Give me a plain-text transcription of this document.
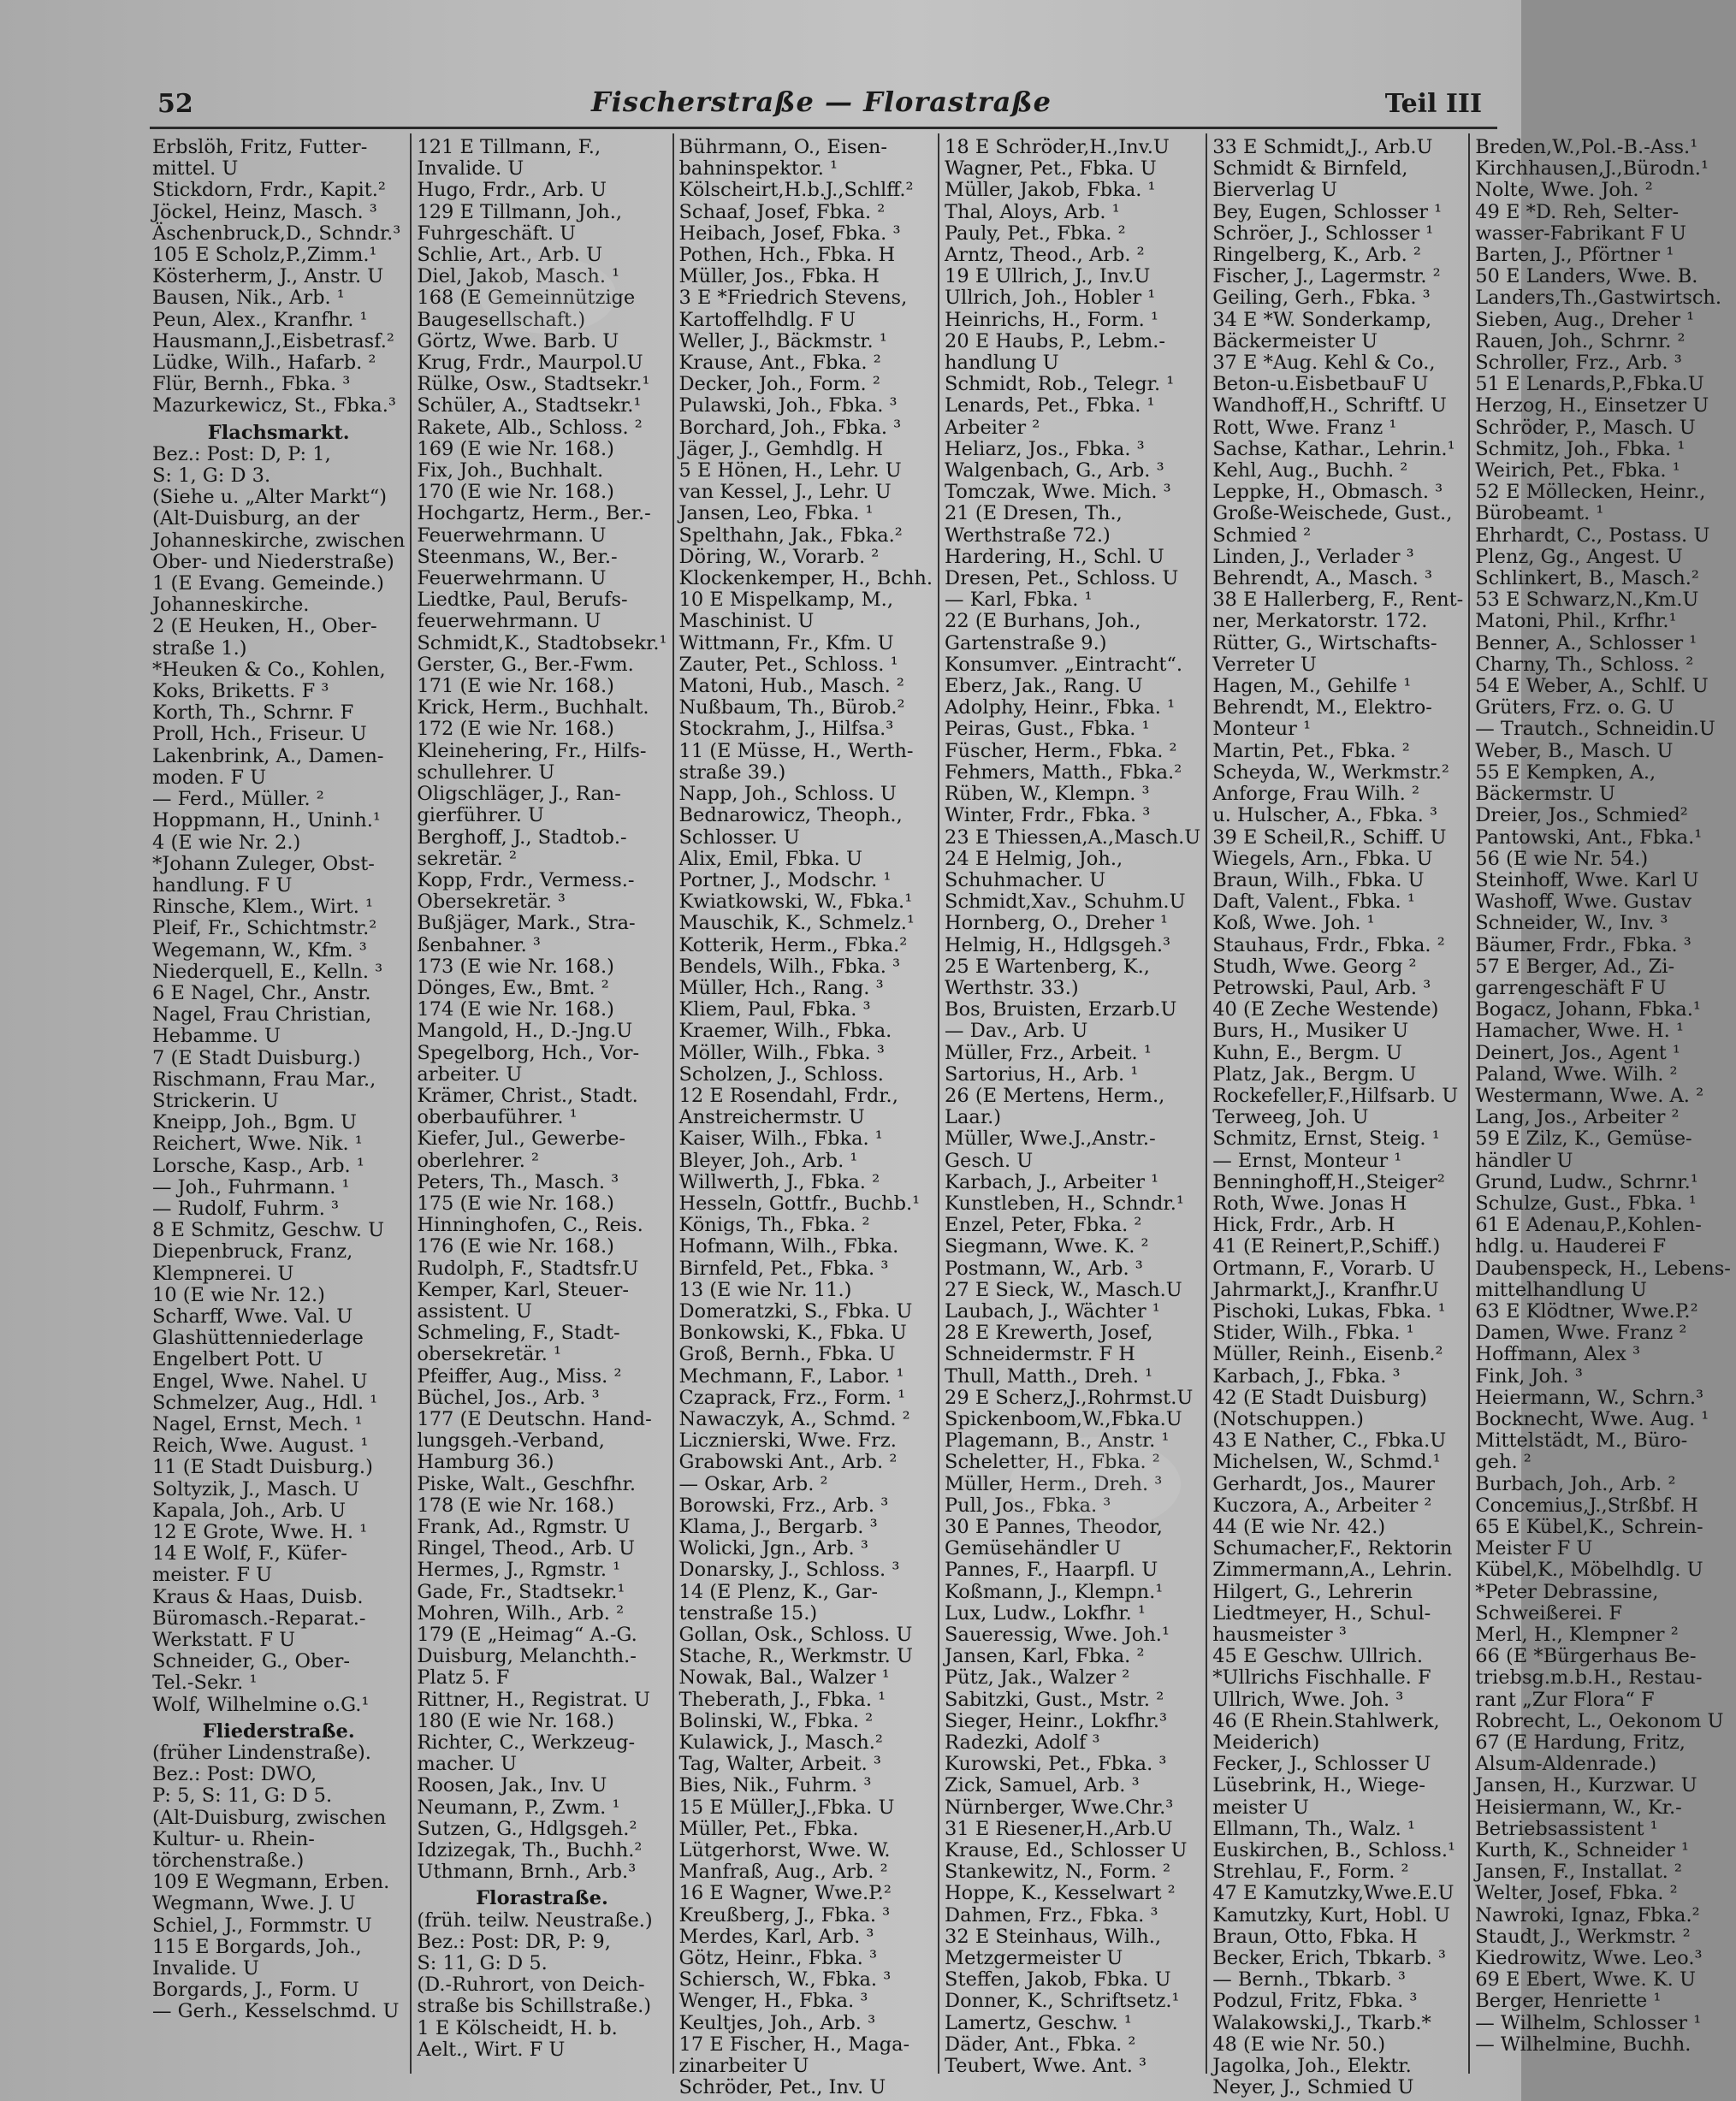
52	Fischerstraße — Florastraße	Teil III
Erbslöh, Fritz, Futter-
mittel. U
Stickdorn, Frdr., Kapit.²
Jöckel, Heinz, Masch. ³
Äschenbruck,D., Schndr.³
105 E Scholz,P.,Zimm.¹
Kösterherm, J., Anstr. U
Bausen, Nik., Arb. ¹
Peun, Alex., Kranfhr. ¹
Hausmann,J.,Eisbetrasf.²
Lüdke, Wilh., Hafarb. ²
Flür, Bernh., Fbka. ³
Mazurkewicz, St., Fbka.³
Flachsmarkt.
Bez.: Post: D, P: 1,
S: 1, G: D 3.
(Siehe u. „Alter Markt“)
(Alt-Duisburg, an der
Johanneskirche, zwischen
Ober- und Niederstraße)
1 (E Evang. Gemeinde.)
Johanneskirche.
2 (E Heuken, H., Ober-
straße 1.)
*Heuken & Co., Kohlen,
Koks, Briketts. F ³
Korth, Th., Schrnr. F
Proll, Hch., Friseur. U
Lakenbrink, A., Damen-
moden. F U
— Ferd., Müller. ²
Hoppmann, H., Uninh.¹
4 (E wie Nr. 2.)
*Johann Zuleger, Obst-
handlung. F U
Rinsche, Klem., Wirt. ¹
Pleif, Fr., Schichtmstr.²
Wegemann, W., Kfm. ³
Niederquell, E., Kelln. ³
6 E Nagel, Chr., Anstr.
Nagel, Frau Christian,
Hebamme. U
7 (E Stadt Duisburg.)
Rischmann, Frau Mar.,
Strickerin. U
Kneipp, Joh., Bgm. U
Reichert, Wwe. Nik. ¹
Lorsche, Kasp., Arb. ¹
— Joh., Fuhrmann. ¹
— Rudolf, Fuhrm. ³
8 E Schmitz, Geschw. U
Diepenbruck, Franz,
Klempnerei. U
10 (E wie Nr. 12.)
Scharff, Wwe. Val. U
Glashüttenniederlage
Engelbert Pott. U
Engel, Wwe. Nahel. U
Schmelzer, Aug., Hdl. ¹
Nagel, Ernst, Mech. ¹
Reich, Wwe. August. ¹
11 (E Stadt Duisburg.)
Soltyzik, J., Masch. U
Kapala, Joh., Arb. U
12 E Grote, Wwe. H. ¹
14 E Wolf, F., Küfer-
meister. F U
Kraus & Haas, Duisb.
Büromasch.-Reparat.-
Werkstatt. F U
Schneider, G., Ober-
Tel.-Sekr. ¹
Wolf, Wilhelmine o.G.¹
Fliederstraße.
(früher Lindenstraße).
Bez.: Post: DWO,
P: 5, S: 11, G: D 5.
(Alt-Duisburg, zwischen
Kultur- u. Rhein-
törchenstraße.)
109 E Wegmann, Erben.
Wegmann, Wwe. J. U
Schiel, J., Formmstr. U
115 E Borgards, Joh.,
Invalide. U
Borgards, J., Form. U
— Gerh., Kesselschmd. U
121 E Tillmann, F.,
Invalide. U
Hugo, Frdr., Arb. U
129 E Tillmann, Joh.,
Fuhrgeschäft. U
Schlie, Art., Arb. U
Diel, Jakob, Masch. ¹
168 (E Gemeinnützige
Baugesellschaft.)
Görtz, Wwe. Barb. U
Krug, Frdr., Maurpol.U
Rülke, Osw., Stadtsekr.¹
Schüler, A., Stadtsekr.¹
Rakete, Alb., Schloss. ²
169 (E wie Nr. 168.)
Fix, Joh., Buchhalt.
170 (E wie Nr. 168.)
Hochgartz, Herm., Ber.-
Feuerwehrmann. U
Steenmans, W., Ber.-
Feuerwehrmann. U
Liedtke, Paul, Berufs-
feuerwehrmann. U
Schmidt,K., Stadtobsekr.¹
Gerster, G., Ber.-Fwm.
171 (E wie Nr. 168.)
Krick, Herm., Buchhalt.
172 (E wie Nr. 168.)
Kleinehering, Fr., Hilfs-
schullehrer. U
Oligschläger, J., Ran-
gierführer. U
Berghoff, J., Stadtob.-
sekretär. ²
Kopp, Frdr., Vermess.-
Obersekretär. ³
Bußjäger, Mark., Stra-
ßenbahner. ³
173 (E wie Nr. 168.)
Dönges, Ew., Bmt. ²
174 (E wie Nr. 168.)
Mangold, H., D.-Jng.U
Spegelborg, Hch., Vor-
arbeiter. U
Krämer, Christ., Stadt.
oberbauführer. ¹
Kiefer, Jul., Gewerbe-
oberlehrer. ²
Peters, Th., Masch. ³
175 (E wie Nr. 168.)
Hinninghofen, C., Reis.
176 (E wie Nr. 168.)
Rudolph, F., Stadtsfr.U
Kemper, Karl, Steuer-
assistent. U
Schmeling, F., Stadt-
obersekretär. ¹
Pfeiffer, Aug., Miss. ²
Büchel, Jos., Arb. ³
177 (E Deutschn. Hand-
lungsgeh.-Verband,
Hamburg 36.)
Piske, Walt., Geschfhr.
178 (E wie Nr. 168.)
Frank, Ad., Rgmstr. U
Ringel, Theod., Arb. U
Hermes, J., Rgmstr. ¹
Gade, Fr., Stadtsekr.¹
Mohren, Wilh., Arb. ²
179 (E „Heimag“ A.-G.
Duisburg, Melanchth.-
Platz 5. F
Rittner, H., Registrat. U
180 (E wie Nr. 168.)
Richter, C., Werkzeug-
macher. U
Roosen, Jak., Inv. U
Neumann, P., Zwm. ¹
Sutzen, G., Hdlgsgeh.²
Idzizegak, Th., Buchh.²
Uthmann, Brnh., Arb.³
Florastraße.
(früh. teilw. Neustraße.)
Bez.: Post: DR, P: 9,
S: 11, G: D 5.
(D.-Ruhrort, von Deich-
straße bis Schillstraße.)
1 E Kölscheidt, H. b.
Aelt., Wirt. F U
Bührmann, O., Eisen-
bahninspektor. ¹
Kölscheirt,H.b.J.,Schlff.²
Schaaf, Josef, Fbka. ²
Heibach, Josef, Fbka. ³
Pothen, Hch., Fbka. H
Müller, Jos., Fbka. H
3 E *Friedrich Stevens,
Kartoffelhdlg. F U
Weller, J., Bäckmstr. ¹
Krause, Ant., Fbka. ²
Decker, Joh., Form. ²
Pulawski, Joh., Fbka. ³
Borchard, Joh., Fbka. ³
Jäger, J., Gemhdlg. H
5 E Hönen, H., Lehr. U
van Kessel, J., Lehr. U
Jansen, Leo, Fbka. ¹
Spelthahn, Jak., Fbka.²
Döring, W., Vorarb. ²
Klockenkemper, H., Bchh.
10 E Mispelkamp, M.,
Maschinist. U
Wittmann, Fr., Kfm. U
Zauter, Pet., Schloss. ¹
Matoni, Hub., Masch. ²
Nußbaum, Th., Bürob.²
Stockrahm, J., Hilfsa.³
11 (E Müsse, H., Werth-
straße 39.)
Napp, Joh., Schloss. U
Bednarowicz, Theoph.,
Schlosser. U
Alix, Emil, Fbka. U
Portner, J., Modschr. ¹
Kwiatkowski, W., Fbka.¹
Mauschik, K., Schmelz.¹
Kotterik, Herm., Fbka.²
Bendels, Wilh., Fbka. ³
Müller, Hch., Rang. ³
Kliem, Paul, Fbka. ³
Kraemer, Wilh., Fbka.
Möller, Wilh., Fbka. ³
Scholzen, J., Schloss.
12 E Rosendahl, Frdr.,
Anstreichermstr. U
Kaiser, Wilh., Fbka. ¹
Bleyer, Joh., Arb. ¹
Willwerth, J., Fbka. ²
Hesseln, Gottfr., Buchb.¹
Königs, Th., Fbka. ²
Hofmann, Wilh., Fbka.
Birnfeld, Pet., Fbka. ³
13 (E wie Nr. 11.)
Domeratzki, S., Fbka. U
Bonkowski, K., Fbka. U
Groß, Bernh., Fbka. U
Mechmann, F., Labor. ¹
Czaprack, Frz., Form. ¹
Nawaczyk, A., Schmd. ²
Licznierski, Wwe. Frz.
Grabowski Ant., Arb. ²
— Oskar, Arb. ²
Borowski, Frz., Arb. ³
Klama, J., Bergarb. ³
Wolicki, Jgn., Arb. ³
Donarsky, J., Schloss. ³
14 (E Plenz, K., Gar-
tenstraße 15.)
Gollan, Osk., Schloss. U
Stache, R., Werkmstr. U
Nowak, Bal., Walzer ¹
Theberath, J., Fbka. ¹
Bolinski, W., Fbka. ²
Kulawick, J., Masch.²
Tag, Walter, Arbeit. ³
Bies, Nik., Fuhrm. ³
15 E Müller,J.,Fbka. U
Müller, Pet., Fbka.
Lütgerhorst, Wwe. W.
Manfraß, Aug., Arb. ²
16 E Wagner, Wwe.P.²
Kreußberg, J., Fbka. ³
Merdes, Karl, Arb. ³
Götz, Heinr., Fbka. ³
Schiersch, W., Fbka. ³
Wenger, H., Fbka. ³
Keultjes, Joh., Arb. ³
17 E Fischer, H., Maga-
zinarbeiter U
Schröder, Pet., Inv. U
18 E Schröder,H.,Inv.U
Wagner, Pet., Fbka. U
Müller, Jakob, Fbka. ¹
Thal, Aloys, Arb. ¹
Pauly, Pet., Fbka. ²
Arntz, Theod., Arb. ²
19 E Ullrich, J., Inv.U
Ullrich, Joh., Hobler ¹
Heinrichs, H., Form. ¹
20 E Haubs, P., Lebm.-
handlung U
Schmidt, Rob., Telegr. ¹
Lenards, Pet., Fbka. ¹
Arbeiter ²
Heliarz, Jos., Fbka. ³
Walgenbach, G., Arb. ³
Tomczak, Wwe. Mich. ³
21 (E Dresen, Th.,
Werthstraße 72.)
Hardering, H., Schl. U
Dresen, Pet., Schloss. U
— Karl, Fbka. ¹
22 (E Burhans, Joh.,
Gartenstraße 9.)
Konsumver. „Eintracht“.
Eberz, Jak., Rang. U
Adolphy, Heinr., Fbka. ¹
Peiras, Gust., Fbka. ¹
Füscher, Herm., Fbka. ²
Fehmers, Matth., Fbka.²
Rüben, W., Klempn. ³
Winter, Frdr., Fbka. ³
23 E Thiessen,A.,Masch.U
24 E Helmig, Joh.,
Schuhmacher. U
Schmidt,Xav., Schuhm.U
Hornberg, O., Dreher ¹
Helmig, H., Hdlgsgeh.³
25 E Wartenberg, K.,
Werthstr. 33.)
Bos, Bruisten, Erzarb.U
— Dav., Arb. U
Müller, Frz., Arbeit. ¹
Sartorius, H., Arb. ¹
26 (E Mertens, Herm.,
Laar.)
Müller, Wwe.J.,Anstr.-
Gesch. U
Karbach, J., Arbeiter ¹
Kunstleben, H., Schndr.¹
Enzel, Peter, Fbka. ²
Siegmann, Wwe. K. ²
Postmann, W., Arb. ³
27 E Sieck, W., Masch.U
Laubach, J., Wächter ¹
28 E Krewerth, Josef,
Schneidermstr. F H
Thull, Matth., Dreh. ¹
29 E Scherz,J.,Rohrmst.U
Spickenboom,W.,Fbka.U
Plagemann, B., Anstr. ¹
Scheletter, H., Fbka. ²
Müller, Herm., Dreh. ³
Pull, Jos., Fbka. ³
30 E Pannes, Theodor,
Gemüsehändler U
Pannes, F., Haarpfl. U
Koßmann, J., Klempn.¹
Lux, Ludw., Lokfhr. ¹
Saueressig, Wwe. Joh.¹
Jansen, Karl, Fbka. ²
Pütz, Jak., Walzer ²
Sabitzki, Gust., Mstr. ²
Sieger, Heinr., Lokfhr.³
Radezki, Adolf ³
Kurowski, Pet., Fbka. ³
Zick, Samuel, Arb. ³
Nürnberger, Wwe.Chr.³
31 E Riesener,H.,Arb.U
Krause, Ed., Schlosser U
Stankewitz, N., Form. ²
Hoppe, K., Kesselwart ²
Dahmen, Frz., Fbka. ³
32 E Steinhaus, Wilh.,
Metzgermeister U
Steffen, Jakob, Fbka. U
Donner, K., Schriftsetz.¹
Lamertz, Geschw. ¹
Däder, Ant., Fbka. ²
Teubert, Wwe. Ant. ³
33 E Schmidt,J., Arb.U
Schmidt & Birnfeld,
Bierverlag U
Bey, Eugen, Schlosser ¹
Schröer, J., Schlosser ¹
Ringelberg, K., Arb. ²
Fischer, J., Lagermstr. ²
Geiling, Gerh., Fbka. ³
34 E *W. Sonderkamp,
Bäckermeister U
37 E *Aug. Kehl & Co.,
Beton-u.EisbetbauF U
Wandhoff,H., Schriftf. U
Rott, Wwe. Franz ¹
Sachse, Kathar., Lehrin.¹
Kehl, Aug., Buchh. ²
Leppke, H., Obmasch. ³
Große-Weischede, Gust.,
Schmied ²
Linden, J., Verlader ³
Behrendt, A., Masch. ³
38 E Hallerberg, F., Rent-
ner, Merkatorstr. 172.
Rütter, G., Wirtschafts-
Verreter U
Hagen, M., Gehilfe ¹
Behrendt, M., Elektro-
Monteur ¹
Martin, Pet., Fbka. ²
Scheyda, W., Werkmstr.²
Anforge, Frau Wilh. ²
u. Hulscher, A., Fbka. ³
39 E Scheil,R., Schiff. U
Wiegels, Arn., Fbka. U
Braun, Wilh., Fbka. U
Daft, Valent., Fbka. ¹
Koß, Wwe. Joh. ¹
Stauhaus, Frdr., Fbka. ²
Studh, Wwe. Georg ²
Petrowski, Paul, Arb. ³
40 (E Zeche Westende)
Burs, H., Musiker U
Kuhn, E., Bergm. U
Platz, Jak., Bergm. U
Rockefeller,F.,Hilfsarb. U
Terweeg, Joh. U
Schmitz, Ernst, Steig. ¹
— Ernst, Monteur ¹
Benninghoff,H.,Steiger²
Roth, Wwe. Jonas H
Hick, Frdr., Arb. H
41 (E Reinert,P.,Schiff.)
Ortmann, F., Vorarb. U
Jahrmarkt,J., Kranfhr.U
Pischoki, Lukas, Fbka. ¹
Stider, Wilh., Fbka. ¹
Müller, Reinh., Eisenb.²
Karbach, J., Fbka. ³
42 (E Stadt Duisburg)
(Notschuppen.)
43 E Nather, C., Fbka.U
Michelsen, W., Schmd.¹
Gerhardt, Jos., Maurer
Kuczora, A., Arbeiter ²
44 (E wie Nr. 42.)
Schumacher,F., Rektorin
Zimmermann,A., Lehrin.
Hilgert, G., Lehrerin
Liedtmeyer, H., Schul-
hausmeister ³
45 E Geschw. Ullrich.
*Ullrichs Fischhalle. F
Ullrich, Wwe. Joh. ³
46 (E Rhein.Stahlwerk,
Meiderich)
Fecker, J., Schlosser U
Lüsebrink, H., Wiege-
meister U
Ellmann, Th., Walz. ¹
Euskirchen, B., Schloss.¹
Strehlau, F., Form. ²
47 E Kamutzky,Wwe.E.U
Kamutzky, Kurt, Hobl. U
Braun, Otto, Fbka. H
Becker, Erich, Tbkarb. ³
— Bernh., Tbkarb. ³
Podzul, Fritz, Fbka. ³
Walakowski,J., Tkarb.*
48 (E wie Nr. 50.)
Jagolka, Joh., Elektr.
Neyer, J., Schmied U
Breden,W.,Pol.-B.-Ass.¹
Kirchhausen,J.,Bürodn.¹
Nolte, Wwe. Joh. ²
49 E *D. Reh, Selter-
wasser-Fabrikant F U
Barten, J., Pförtner ¹
50 E Landers, Wwe. B.
Landers,Th.,Gastwirtsch.
Sieben, Aug., Dreher ¹
Rauen, Joh., Schrnr. ²
Schroller, Frz., Arb. ³
51 E Lenards,P.,Fbka.U
Herzog, H., Einsetzer U
Schröder, P., Masch. U
Schmitz, Joh., Fbka. ¹
Weirich, Pet., Fbka. ¹
52 E Möllecken, Heinr.,
Bürobeamt. ¹
Ehrhardt, C., Postass. U
Plenz, Gg., Angest. U
Schlinkert, B., Masch.²
53 E Schwarz,N.,Km.U
Matoni, Phil., Krfhr.¹
Benner, A., Schlosser ¹
Charny, Th., Schloss. ²
54 E Weber, A., Schlf. U
Grüters, Frz. o. G. U
— Trautch., Schneidin.U
Weber, B., Masch. U
55 E Kempken, A.,
Bäckermstr. U
Dreier, Jos., Schmied²
Pantowski, Ant., Fbka.¹
56 (E wie Nr. 54.)
Steinhoff, Wwe. Karl U
Washoff, Wwe. Gustav
Schneider, W., Inv. ³
Bäumer, Frdr., Fbka. ³
57 E Berger, Ad., Zi-
garrengeschäft F U
Bogacz, Johann, Fbka.¹
Hamacher, Wwe. H. ¹
Deinert, Jos., Agent ¹
Paland, Wwe. Wilh. ²
Westermann, Wwe. A. ²
Lang, Jos., Arbeiter ²
59 E Zilz, K., Gemüse-
händler U
Grund, Ludw., Schrnr.¹
Schulze, Gust., Fbka. ¹
61 E Adenau,P.,Kohlen-
hdlg. u. Hauderei F
Daubenspeck, H., Lebens-
mittelhandlung U
63 E Klödtner, Wwe.P.²
Damen, Wwe. Franz ²
Hoffmann, Alex ³
Fink, Joh. ³
Heiermann, W., Schrn.³
Bocknecht, Wwe. Aug. ¹
Mittelstädt, M., Büro-
geh. ²
Burbach, Joh., Arb. ²
Concemius,J.,Strßbf. H
65 E Kübel,K., Schrein-
Meister F U
Kübel,K., Möbelhdlg. U
*Peter Debrassine,
Schweißerei. F
Merl, H., Klempner ²
66 (E *Bürgerhaus Be-
triebsg.m.b.H., Restau-
rant „Zur Flora“ F
Robrecht, L., Oekonom U
67 (E Hardung, Fritz,
Alsum-Aldenrade.)
Jansen, H., Kurzwar. U
Heisiermann, W., Kr.-
Betriebsassistent ¹
Kurth, K., Schneider ¹
Jansen, F., Installat. ²
Welter, Josef, Fbka. ²
Nawroki, Ignaz, Fbka.²
Staudt, J., Werkmstr. ²
Kiedrowitz, Wwe. Leo.³
69 E Ebert, Wwe. K. U
Berger, Henriette ¹
— Wilhelm, Schlosser ¹
— Wilhelmine, Buchh.
